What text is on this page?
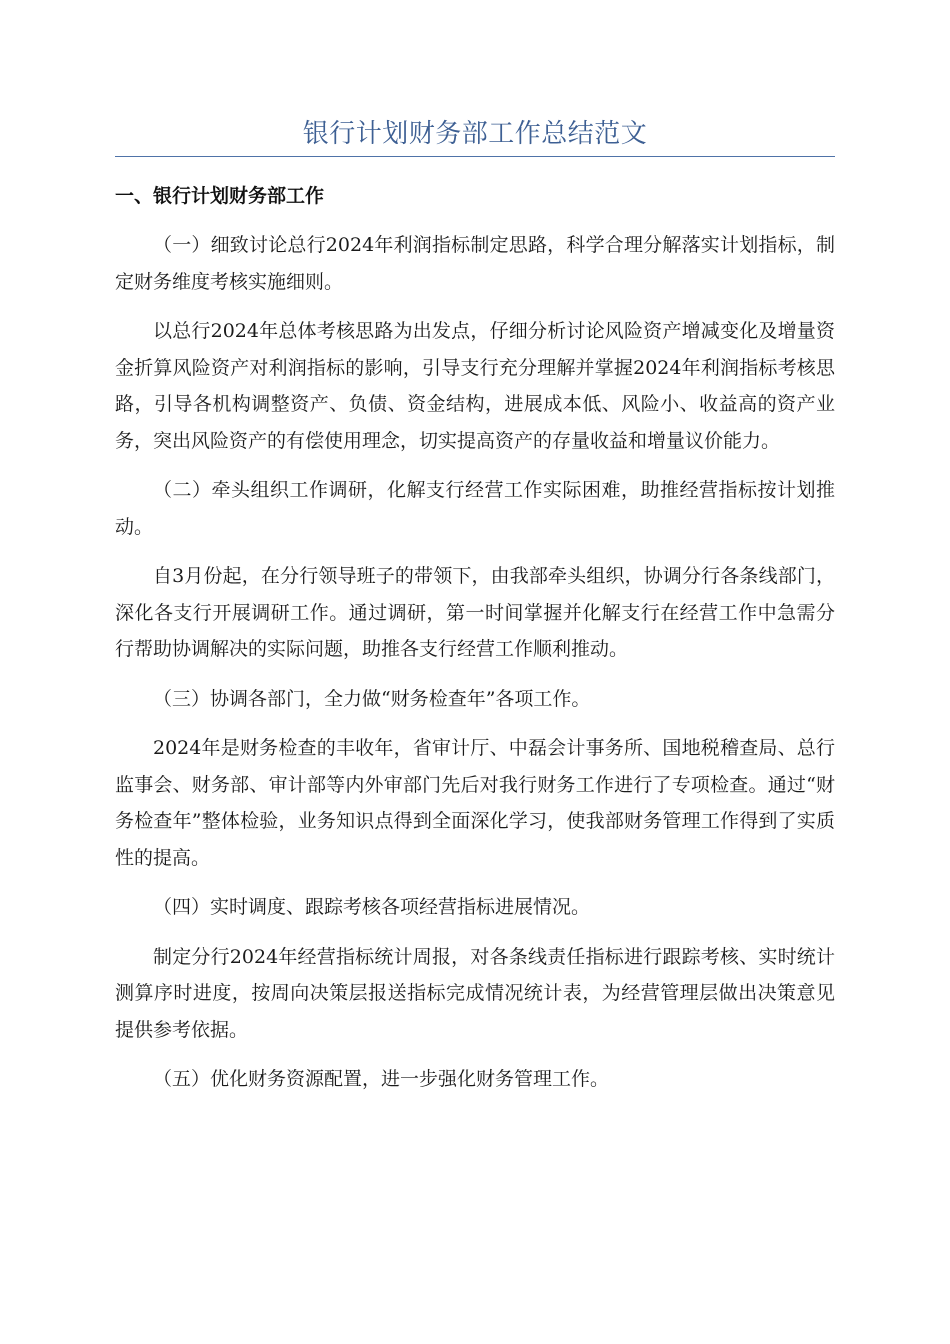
银行计划财务部工作总结范文
一、银行计划财务部工作

（一）细致讨论总行2024年利润指标制定思路，科学合理分解落实计划指标，制定财务维度考核实施细则。

以总行2024年总体考核思路为出发点，仔细分析讨论风险资产增减变化及增量资金折算风险资产对利润指标的影响，引导支行充分理解并掌握2024年利润指标考核思路，引导各机构调整资产、负债、资金结构，进展成本低、风险小、收益高的资产业务，突出风险资产的有偿使用理念，切实提高资产的存量收益和增量议价能力。

（二）牵头组织工作调研，化解支行经营工作实际困难，助推经营指标按计划推动。

自3月份起，在分行领导班子的带领下，由我部牵头组织，协调分行各条线部门，深化各支行开展调研工作。通过调研，第一时间掌握并化解支行在经营工作中急需分行帮助协调解决的实际问题，助推各支行经营工作顺利推动。

（三）协调各部门，全力做“财务检查年”各项工作。

2024年是财务检查的丰收年，省审计厅、中磊会计事务所、国地税稽查局、总行监事会、财务部、审计部等内外审部门先后对我行财务工作进行了专项检查。通过“财务检查年”整体检验，业务知识点得到全面深化学习，使我部财务管理工作得到了实质性的提高。

（四）实时调度、跟踪考核各项经营指标进展情况。

制定分行2024年经营指标统计周报，对各条线责任指标进行跟踪考核、实时统计测算序时进度，按周向决策层报送指标完成情况统计表，为经营管理层做出决策意见提供参考依据。

（五）优化财务资源配置，进一步强化财务管理工作。
